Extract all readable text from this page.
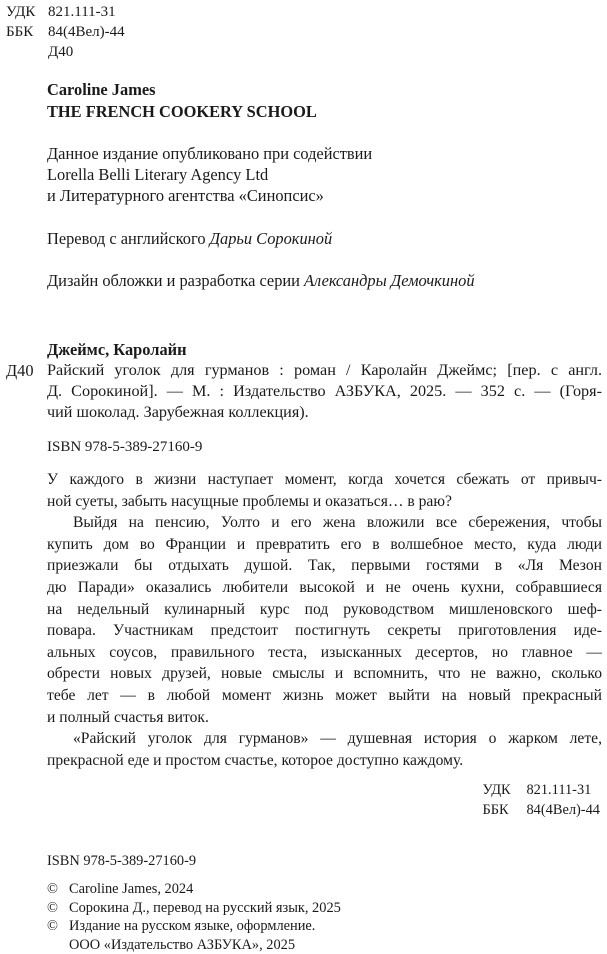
УДК 821.111-31
ББК 84(4Вел)-44
Д40
Caroline James
THE FRENCH COOKERY SCHOOL
Данное издание опубликовано при содействии
Lorella Belli Literary Agency Ltd
и Литературного агентства «Синопсис»
Перевод с английского Дарьи Сорокиной
Дизайн обложки и разработка серии Александры Демочкиной
Джеймс, Каролайн
Д40 Райский уголок для гурманов : роман / Каролайн Джеймс; [пер. с англ.
Д. Сорокиной]. — М. : Издательство АЗБУКА, 2025. — 352 с. — (Горя-
чий шоколад. Зарубежная коллекция).
ISBN 978-5-389-27160-9
У каждого в жизни наступает момент, когда хочется сбежать от привыч-
ной суеты, забыть насущные проблемы и оказаться… в раю?
Выйдя на пенсию, Уолто и его жена вложили все сбережения, чтобы
купить дом во Франции и превратить его в волшебное место, куда люди
приезжали бы отдыхать душой. Так, первыми гостями в «Ля Мезон
дю Паради» оказались любители высокой и не очень кухни, собравшиеся
на недельный кулинарный курс под руководством мишленовского шеф-
повара. Участникам предстоит постигнуть секреты приготовления иде-
альных соусов, правильного теста, изысканных десертов, но главное —
обрести новых друзей, новые смыслы и вспомнить, что не важно, сколько
тебе лет — в любой момент жизнь может выйти на новый прекрасный
и полный счастья виток.
«Райский уголок для гурманов» — душевная история о жарком лете,
прекрасной еде и простом счастье, которое доступно каждому.
УДК 821.111-31
ББК 84(4Вел)-44
ISBN 978-5-389-27160-9
© Caroline James, 2024
© Сорокина Д., перевод на русский язык, 2025
© Издание на русском языке, оформление.
ООО «Издательство АЗБУКА», 2025
